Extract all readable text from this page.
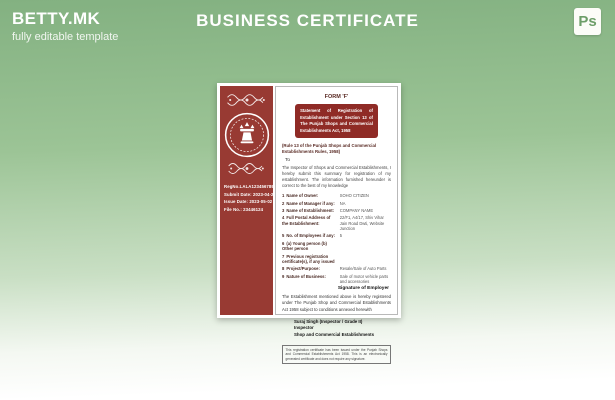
BETTY.MK
fully editable template
BUSINESS CERTIFICATE	Ps
RegNo.LALA123456789456
Submit Date: 2023-04-25
Issue Date: 2023-05-02
File No.: 23446124
FORM 'F'
Statement of Registration of Establishment under Section 13 of The Punjab Shops and Commercial Establishments Act, 1958
(Rule 13 of the Punjab Shops and Commercial Establishments Rules, 1958)
To
The Inspector of Shops and Commercial Establishments, I hereby submit this summary for registration of my establishment. The information furnished hereunder is correct to the best of my knowledge
1 Name of Owner:	SOHO CITIZEN
2 Name of Manager if any:	NA
3 Name of Establishment:	COMPANY NAME
4 Full Postal Address of the Establishment:
22/F1, A4/17, Shiv Vihar Jain Road Dwti, Website Junction
5 No. of Employees if any:	5
6 (a) Young person (b) Other person
7 Previous registration certificate(s), if any issued
8 Project/Purpose:	Resale/Sale of Auto Parts
9 Nature of Business:	Sale of motor vehicle parts and accessories
Signature of Employer
The Establishment mentioned above is hereby registered under The Punjab Shop and Commercial Establishments Act 1958 subject to conditions annexed herewith
Suraj Singh (Inspector / Grade II)
Inspector
Shop and Commercial Establishments
This registration certificate has been issued under the Punjab Shops and Commercial Establishments Act 1958. This is an electronically generated certificate and does not require any signature.
